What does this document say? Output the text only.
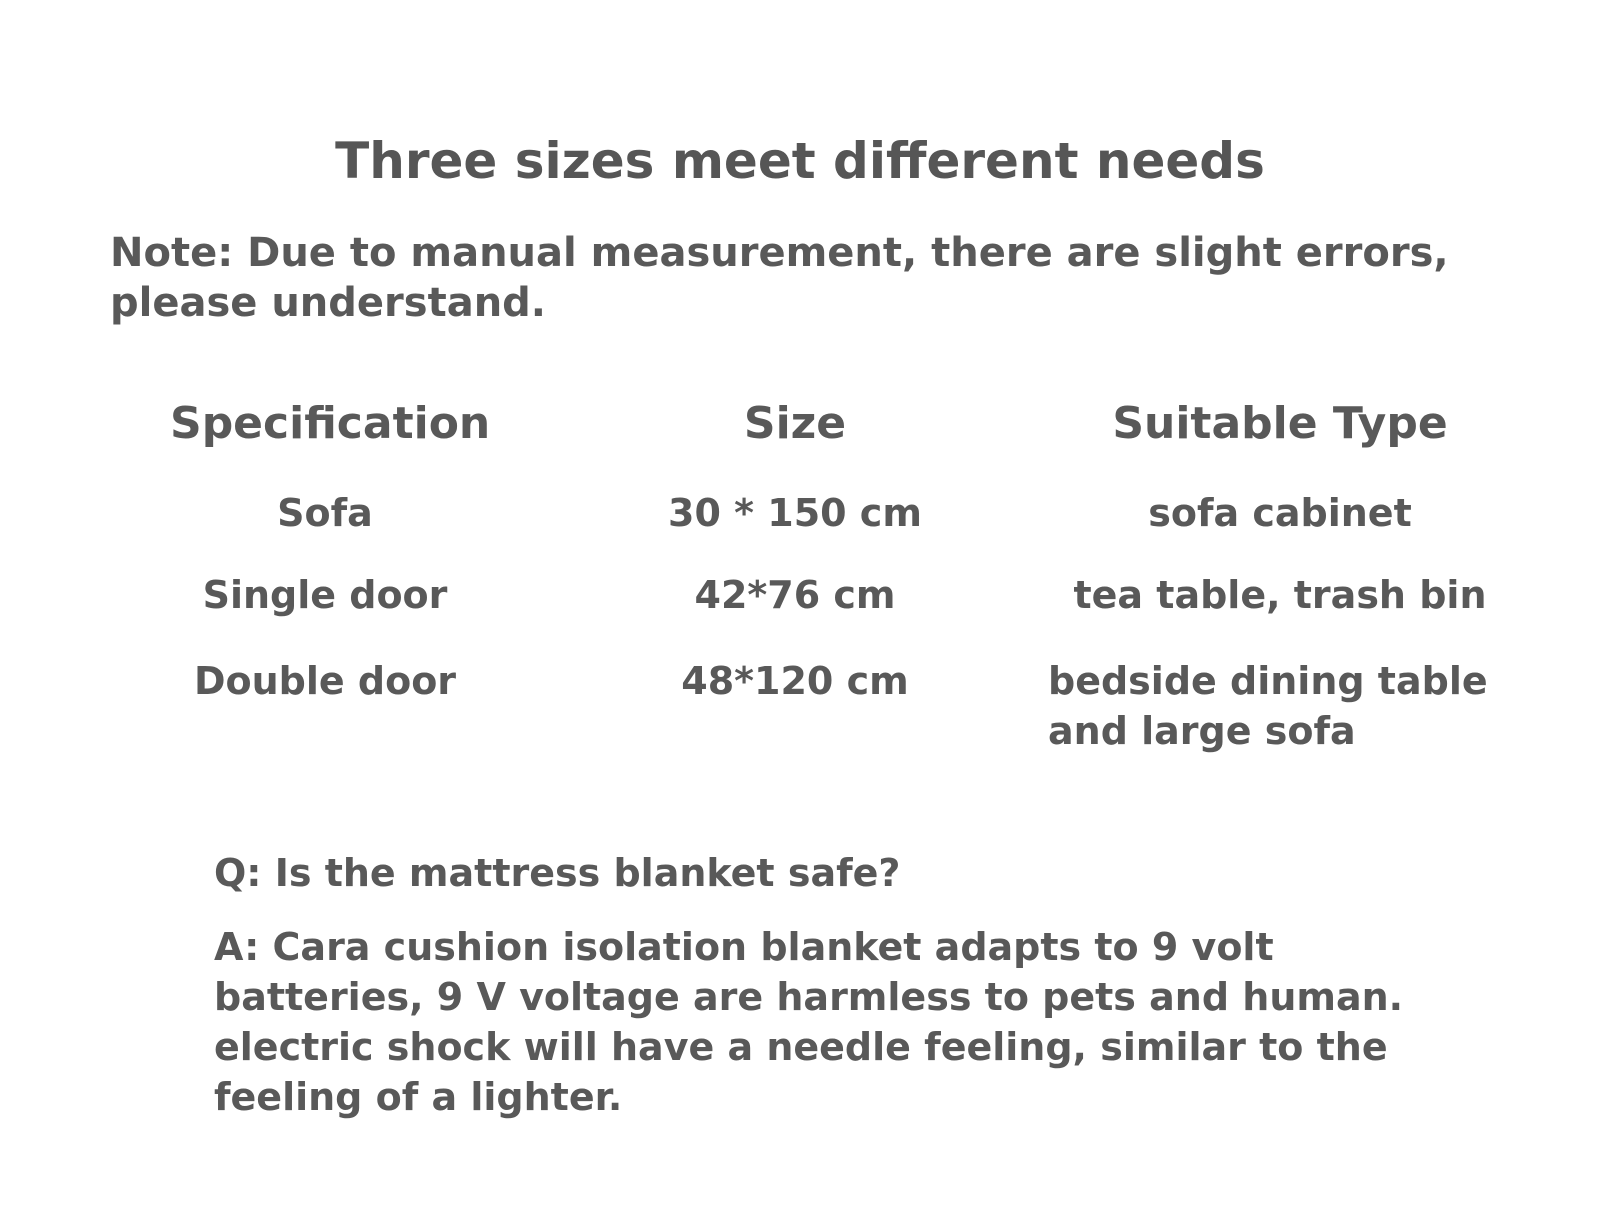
Three sizes meet different needs

Note: Due to manual measurement, there are slight errors, please understand.

Specification	Size	Suitable Type
Sofa	30 * 150 cm	sofa cabinet
Single door	42*76 cm	tea table, trash bin
Double door	48*120 cm	bedside dining table and large sofa

Q: Is the mattress blanket safe?

A: Cara cushion isolation blanket adapts to 9 volt batteries, 9 V voltage are harmless to pets and human. electric shock will have a needle feeling, similar to the feeling of a lighter.
